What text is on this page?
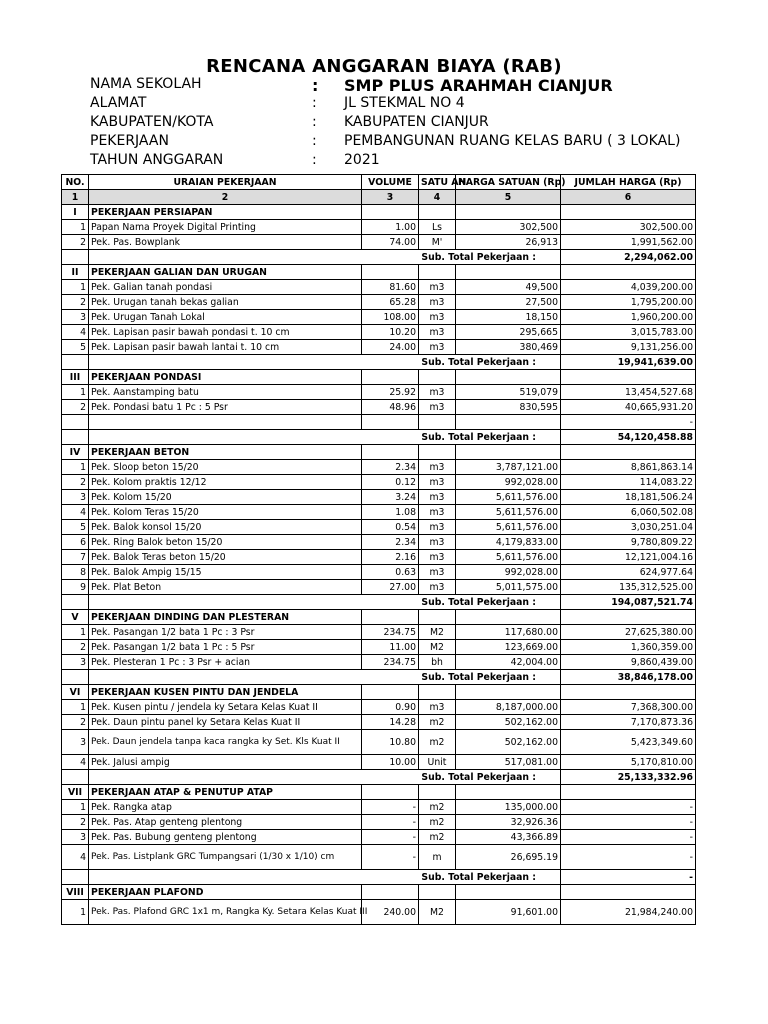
RENCANA ANGGARAN BIAYA (RAB)
NAMA SEKOLAH	:	SMP PLUS ARAHMAH CIANJUR
ALAMAT	:	JL STEKMAL NO 4
KABUPATEN/KOTA	:	KABUPATEN CIANJUR
PEKERJAAN	:	PEMBANGUNAN RUANG KELAS BARU ( 3 LOKAL)
TAHUN ANGGARAN	:	2021
NO.	URAIAN PEKERJAAN	VOLUME	SATU AN	HARGA SATUAN (Rp)	JUMLAH HARGA (Rp)
1	2	3	4	5	6
I	PEKERJAAN PERSIAPAN				
1	Papan Nama Proyek Digital Printing	1.00	Ls	302,500	302,500.00
2	Pek. Pas. Bowplank	74.00	M'	26,913	1,991,562.00
	Sub. Total Pekerjaan :				2,294,062.00
II	PEKERJAAN GALIAN DAN URUGAN				
1	Pek. Galian tanah pondasi	81.60	m3	49,500	4,039,200.00
2	Pek. Urugan tanah bekas galian	65.28	m3	27,500	1,795,200.00
3	Pek. Urugan Tanah Lokal	108.00	m3	18,150	1,960,200.00
4	Pek. Lapisan pasir bawah pondasi t. 10 cm	10.20	m3	295,665	3,015,783.00
5	Pek. Lapisan pasir bawah lantai t. 10 cm	24.00	m3	380,469	9,131,256.00
	Sub. Total Pekerjaan :				19,941,639.00
III	PEKERJAAN PONDASI				
1	Pek. Aanstamping batu	25.92	m3	519,079	13,454,527.68
2	Pek. Pondasi batu 1 Pc : 5 Psr	48.96	m3	830,595	40,665,931.20
					-
	Sub. Total Pekerjaan :				54,120,458.88
IV	PEKERJAAN BETON				
1	Pek. Sloop beton 15/20	2.34	m3	3,787,121.00	8,861,863.14
2	Pek. Kolom praktis 12/12	0.12	m3	992,028.00	114,083.22
3	Pek. Kolom 15/20	3.24	m3	5,611,576.00	18,181,506.24
4	Pek. Kolom Teras 15/20	1.08	m3	5,611,576.00	6,060,502.08
5	Pek. Balok konsol 15/20	0.54	m3	5,611,576.00	3,030,251.04
6	Pek. Ring Balok beton 15/20	2.34	m3	4,179,833.00	9,780,809.22
7	Pek. Balok Teras beton 15/20	2.16	m3	5,611,576.00	12,121,004.16
8	Pek. Balok Ampig 15/15	0.63	m3	992,028.00	624,977.64
9	Pek. Plat Beton	27.00	m3	5,011,575.00	135,312,525.00
	Sub. Total Pekerjaan :				194,087,521.74
V	PEKERJAAN DINDING DAN PLESTERAN				
1	Pek. Pasangan 1/2 bata 1 Pc : 3 Psr	234.75	M2	117,680.00	27,625,380.00
2	Pek. Pasangan 1/2 bata 1 Pc : 5 Psr	11.00	M2	123,669.00	1,360,359.00
3	Pek. Plesteran 1 Pc : 3 Psr + acian	234.75	bh	42,004.00	9,860,439.00
	Sub. Total Pekerjaan :				38,846,178.00
VI	PEKERJAAN KUSEN PINTU DAN JENDELA				
1	Pek. Kusen pintu / jendela ky Setara Kelas Kuat II	0.90	m3	8,187,000.00	7,368,300.00
2	Pek. Daun pintu panel ky Setara Kelas Kuat II	14.28	m2	502,162.00	7,170,873.36
3	Pek. Daun jendela tanpa kaca rangka ky Set. Kls Kuat II	10.80	m2	502,162.00	5,423,349.60
4	Pek. Jalusi ampig	10.00	Unit	517,081.00	5,170,810.00
	Sub. Total Pekerjaan :				25,133,332.96
VII	PEKERJAAN ATAP & PENUTUP ATAP				
1	Pek. Rangka atap	-	m2	135,000.00	-
2	Pek. Pas. Atap genteng plentong	-	m2	32,926.36	-
3	Pek. Pas. Bubung genteng plentong	-	m2	43,366.89	-
4	Pek. Pas. Listplank GRC Tumpangsari (1/30 x 1/10) cm	-	m	26,695.19	-
	Sub. Total Pekerjaan :				-
VIII	PEKERJAAN PLAFOND				
1	Pek. Pas. Plafond GRC 1x1 m, Rangka Ky. Setara Kelas Kuat III	240.00	M2	91,601.00	21,984,240.00
